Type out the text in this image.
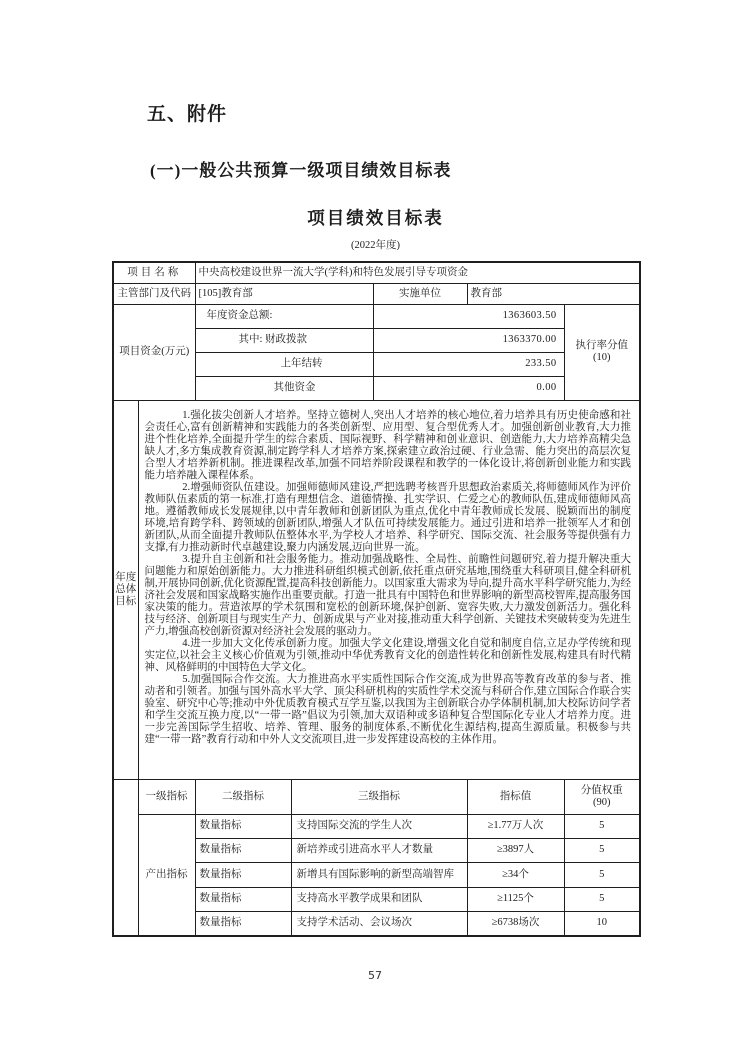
五、附件
(一)一般公共预算一级项目绩效目标表
项目绩效目标表
(2022年度)
项目名称		中央高校建设世界一流大学(学科)和特色发展引导专项资金				
主管部门及代码		[105]教育部		实施单位	教育部	
项目资金(万元)		年度资金总额:		1363603.50		执行率分值
(10)
		其中: 财政拨款		1363370.00		
		上年结转		233.50		
		其他资金		0.00		
年度总体目标	1.强化拔尖创新人才培养。坚持立德树人,突出人才培养的核心地位,着力培养具有历史使命感和社会责任心,富有创新精神和实践能力的各类创新型、应用型、复合型优秀人才。加强创新创业教育,大力推进个性化培养,全面提升学生的综合素质、国际视野、科学精神和创业意识、创造能力,大力培养高精尖急缺人才,多方集成教育资源,制定跨学科人才培养方案,探索建立政治过硬、行业急需、能力突出的高层次复合型人才培养新机制。推进课程改革,加强不同培养阶段课程和教学的一体化设计,将创新创业能力和实践能力培养融入课程体系。

2.增强师资队伍建设。加强师德师风建设,严把选聘考核晋升思想政治素质关,将师德师风作为评价教师队伍素质的第一标准,打造有理想信念、道德情操、扎实学识、仁爱之心的教师队伍,建成师德师风高地。遵循教师成长发展规律,以中青年教师和创新团队为重点,优化中青年教师成长发展、脱颖而出的制度环境,培育跨学科、跨领域的创新团队,增强人才队伍可持续发展能力。通过引进和培养一批领军人才和创新团队,从而全面提升教师队伍整体水平,为学校人才培养、科学研究、国际交流、社会服务等提供强有力支撑,有力推动新时代卓越建设,聚力内涵发展,迈向世界一流。

3.提升自主创新和社会服务能力。推动加强战略性、全局性、前瞻性问题研究,着力提升解决重大问题能力和原始创新能力。大力推进科研组织模式创新,依托重点研究基地,围绕重大科研项目,健全科研机制,开展协同创新,优化资源配置,提高科技创新能力。以国家重大需求为导向,提升高水平科学研究能力,为经济社会发展和国家战略实施作出重要贡献。打造一批具有中国特色和世界影响的新型高校智库,提高服务国家决策的能力。营造浓厚的学术氛围和宽松的创新环境,保护创新、宽容失败,大力激发创新活力。强化科技与经济、创新项目与现实生产力、创新成果与产业对接,推动重大科学创新、关键技术突破转变为先进生产力,增强高校创新资源对经济社会发展的驱动力。

4.进一步加大文化传承创新力度。加强大学文化建设,增强文化自觉和制度自信,立足办学传统和现实定位,以社会主义核心价值观为引领,推动中华优秀教育文化的创造性转化和创新性发展,构建具有时代精神、风格鲜明的中国特色大学文化。

5.加强国际合作交流。大力推进高水平实质性国际合作交流,成为世界高等教育改革的参与者、推动者和引领者。加强与国外高水平大学、顶尖科研机构的实质性学术交流与科研合作,建立国际合作联合实验室、研究中心等;推动中外优质教育模式互学互鉴,以我国为主创新联合办学体制机制,加大校际访问学者和学生交流互换力度,以“一带一路”倡议为引领,加大双语种或多语种复合型国际化专业人才培养力度。进一步完善国际学生招收、培养、管理、服务的制度体系,不断优化生源结构,提高生源质量。积极参与共建“一带一路”教育行动和中外人文交流项目,进一步发挥建设高校的主体作用。					

	一级指标	二级指标	三级指标		指标值	分值权重
(90)
	产出指标	数量指标	支持国际交流的学生人次		≥1.77万人次	5
		数量指标	新培养或引进高水平人才数量		≥3897人	5
		数量指标	新增具有国际影响的新型高端智库		≥34个	5
		数量指标	支持高水平教学成果和团队		≥1125个	5
		数量指标	支持学术活动、会议场次		≥6738场次	10
57
